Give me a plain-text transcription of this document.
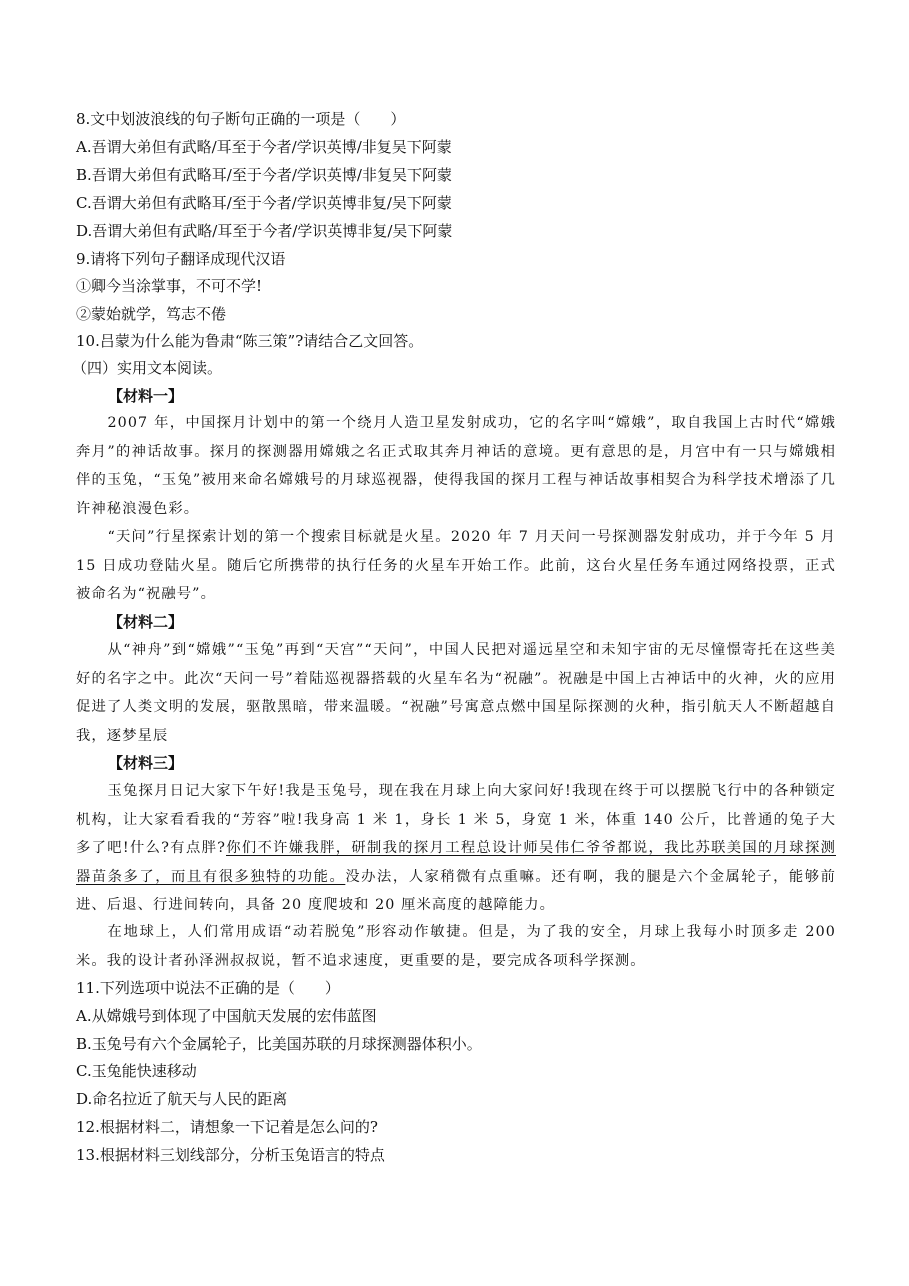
8.文中划波浪线的句子断句正确的一项是（　　）
A.吾谓大弟但有武略/耳至于今者/学识英博/非复吴下阿蒙
B.吾谓大弟但有武略耳/至于今者/学识英博/非复吴下阿蒙
C.吾谓大弟但有武略耳/至于今者/学识英博非复/吴下阿蒙
D.吾谓大弟但有武略/耳至于今者/学识英博非复/吴下阿蒙
9.请将下列句子翻译成现代汉语
①卿今当涂掌事，不可不学!
②蒙始就学，笃志不倦
10.吕蒙为什么能为鲁肃“陈三策”?请结合乙文回答。
（四）实用文本阅读。
【材料一】
2007 年，中国探月计划中的第一个绕月人造卫星发射成功，它的名字叫“嫦娥”，取自我国上古时代“嫦娥奔月”的神话故事。探月的探测器用嫦娥之名正式取其奔月神话的意境。更有意思的是，月宫中有一只与嫦娥相伴的玉兔，“玉兔”被用来命名嫦娥号的月球巡视器，使得我国的探月工程与神话故事相契合为科学技术增添了几许神秘浪漫色彩。
“天问”行星探索计划的第一个搜索目标就是火星。2020 年 7 月天问一号探测器发射成功，并于今年 5 月 15 日成功登陆火星。随后它所携带的执行任务的火星车开始工作。此前，这台火星任务车通过网络投票，正式被命名为“祝融号”。
【材料二】
从“神舟”到“嫦娥”“玉兔”再到“天宫”“天问”，中国人民把对遥远星空和未知宇宙的无尽憧憬寄托在这些美好的名字之中。此次“天问一号”着陆巡视器搭载的火星车名为“祝融”。祝融是中国上古神话中的火神，火的应用促进了人类文明的发展，驱散黑暗，带来温暖。“祝融”号寓意点燃中国星际探测的火种，指引航天人不断超越自我，逐梦星辰
【材料三】
玉兔探月日记大家下午好!我是玉兔号，现在我在月球上向大家问好!我现在终于可以摆脱飞行中的各种锁定机构，让大家看看我的“芳容”啦!我身高 1 米 1，身长 1 米 5，身宽 1 米，体重 140 公斤，比普通的兔子大多了吧!什么?有点胖?你们不许嫌我胖，研制我的探月工程总设计师吴伟仁爷爷都说，我比苏联美国的月球探测器苗条多了，而且有很多独特的功能。没办法，人家稍微有点重嘛。还有啊，我的腿是六个金属轮子，能够前进、后退、行进间转向，具备 20 度爬坡和 20 厘米高度的越障能力。
在地球上，人们常用成语“动若脱兔”形容动作敏捷。但是，为了我的安全，月球上我每小时顶多走 200 米。我的设计者孙泽洲叔叔说，暂不追求速度，更重要的是，要完成各项科学探测。
11.下列选项中说法不正确的是（　　）
A.从嫦娥号到体现了中国航天发展的宏伟蓝图
B.玉兔号有六个金属轮子，比美国苏联的月球探测器体积小。
C.玉兔能快速移动
D.命名拉近了航天与人民的距离
12.根据材料二，请想象一下记着是怎么问的?
13.根据材料三划线部分，分析玉兔语言的特点
